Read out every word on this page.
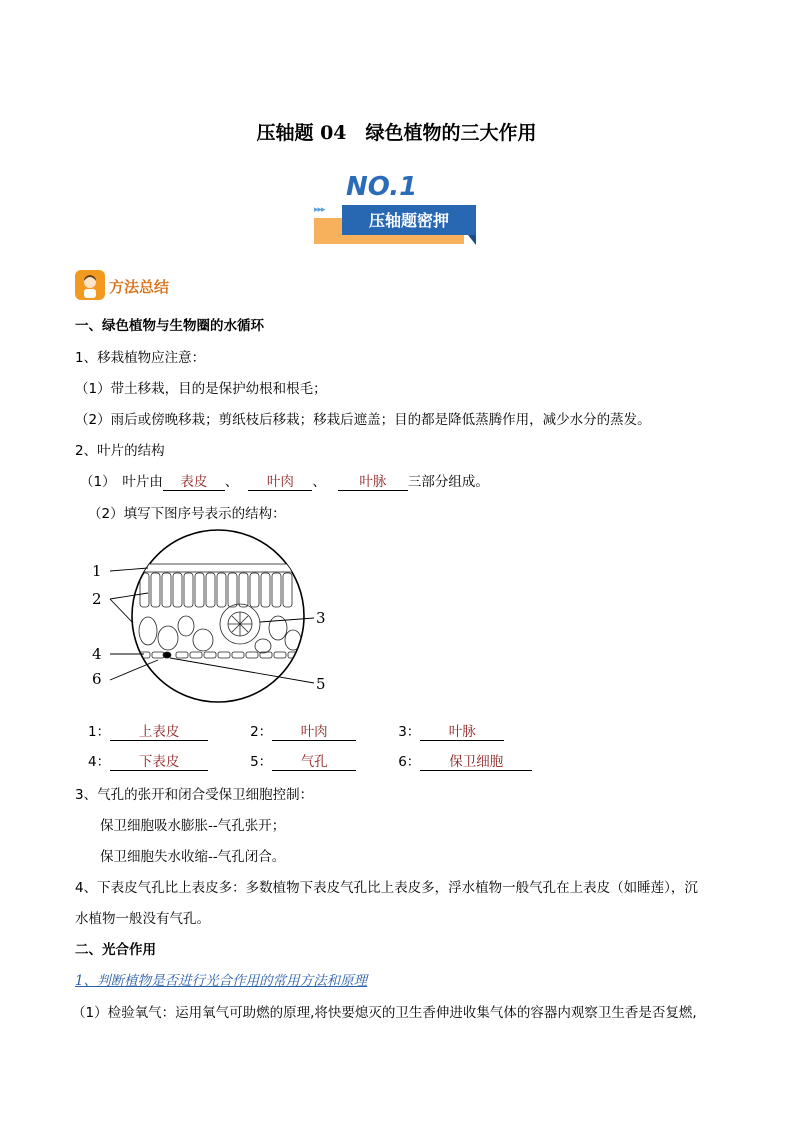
压轴题 04　绿色植物的三大作用
NO.1
▸▸▸
压轴题密押
方法总结
一、绿色植物与生物圈的水循环
1、移栽植物应注意：
（1）带土移栽，目的是保护幼根和根毛；
（2）雨后或傍晚移栽；剪纸枝后移栽；移栽后遮盖；目的都是降低蒸腾作用，减少水分的蒸发。
2、叶片的结构
（1）　叶片由 表皮 、 叶肉 、 叶脉 三部分组成。
（2）填写下图序号表示的结构：
1
2
3
4
5
6
1： 上表皮	2： 叶肉	3： 叶脉
4： 下表皮	5： 气孔	6： 保卫细胞
3、气孔的张开和闭合受保卫细胞控制：
保卫细胞吸水膨胀--气孔张开；
保卫细胞失水收缩--气孔闭合。
4、下表皮气孔比上表皮多：多数植物下表皮气孔比上表皮多，浮水植物一般气孔在上表皮（如睡莲），沉
水植物一般没有气孔。
二、光合作用
1、判断植物是否进行光合作用的常用方法和原理
（1）检验氧气：运用氧气可助燃的原理,将快要熄灭的卫生香伸进收集气体的容器内观察卫生香是否复燃,
